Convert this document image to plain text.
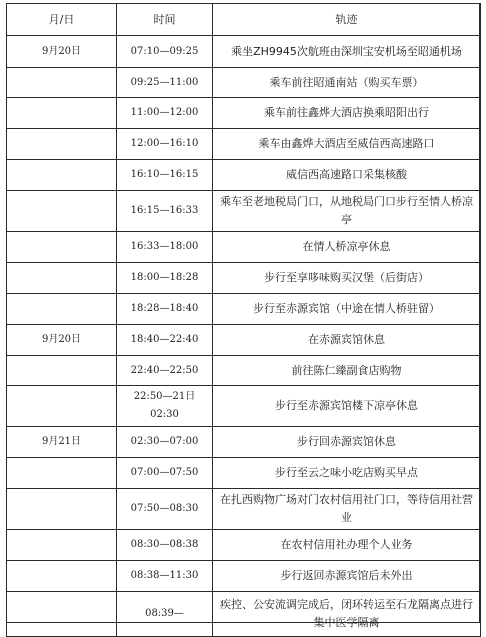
月/日	时间	轨迹
9月20日	07:10—09:25	乘坐ZH9945次航班由深圳宝安机场至昭通机场
	09:25—11:00	乘车前往昭通南站（购买车票）
	11:00—12:00	乘车前往鑫烨大酒店换乘昭阳出行
	12:00—16:10	乘车由鑫烨大酒店至威信西高速路口
	16:10—16:15	威信西高速路口采集核酸
	16:15—16:33	乘车至老地税局门口，从地税局门口步行至情人桥凉亭
	16:33—18:00	在情人桥凉亭休息
	18:00—18:28	步行至享哆味购买汉堡（后街店）
	18:28—18:40	步行至赤源宾馆（中途在情人桥驻留）
9月20日	18:40—22:40	在赤源宾馆休息
	22:40—22:50	前往陈仁臻副食店购物
	22:50—21日02:30	步行至赤源宾馆楼下凉亭休息
9月21日	02:30—07:00	步行回赤源宾馆休息
	07:00—07:50	步行至云之味小吃店购买早点
	07:50—08:30	在扎西购物广场对门农村信用社门口，等待信用社营业
	08:30—08:38	在农村信用社办理个人业务
	08:38—11:30	步行返回赤源宾馆后未外出
	08:39—	疾控、公安流调完成后，闭环转运至石龙隔离点进行集中医学隔离
